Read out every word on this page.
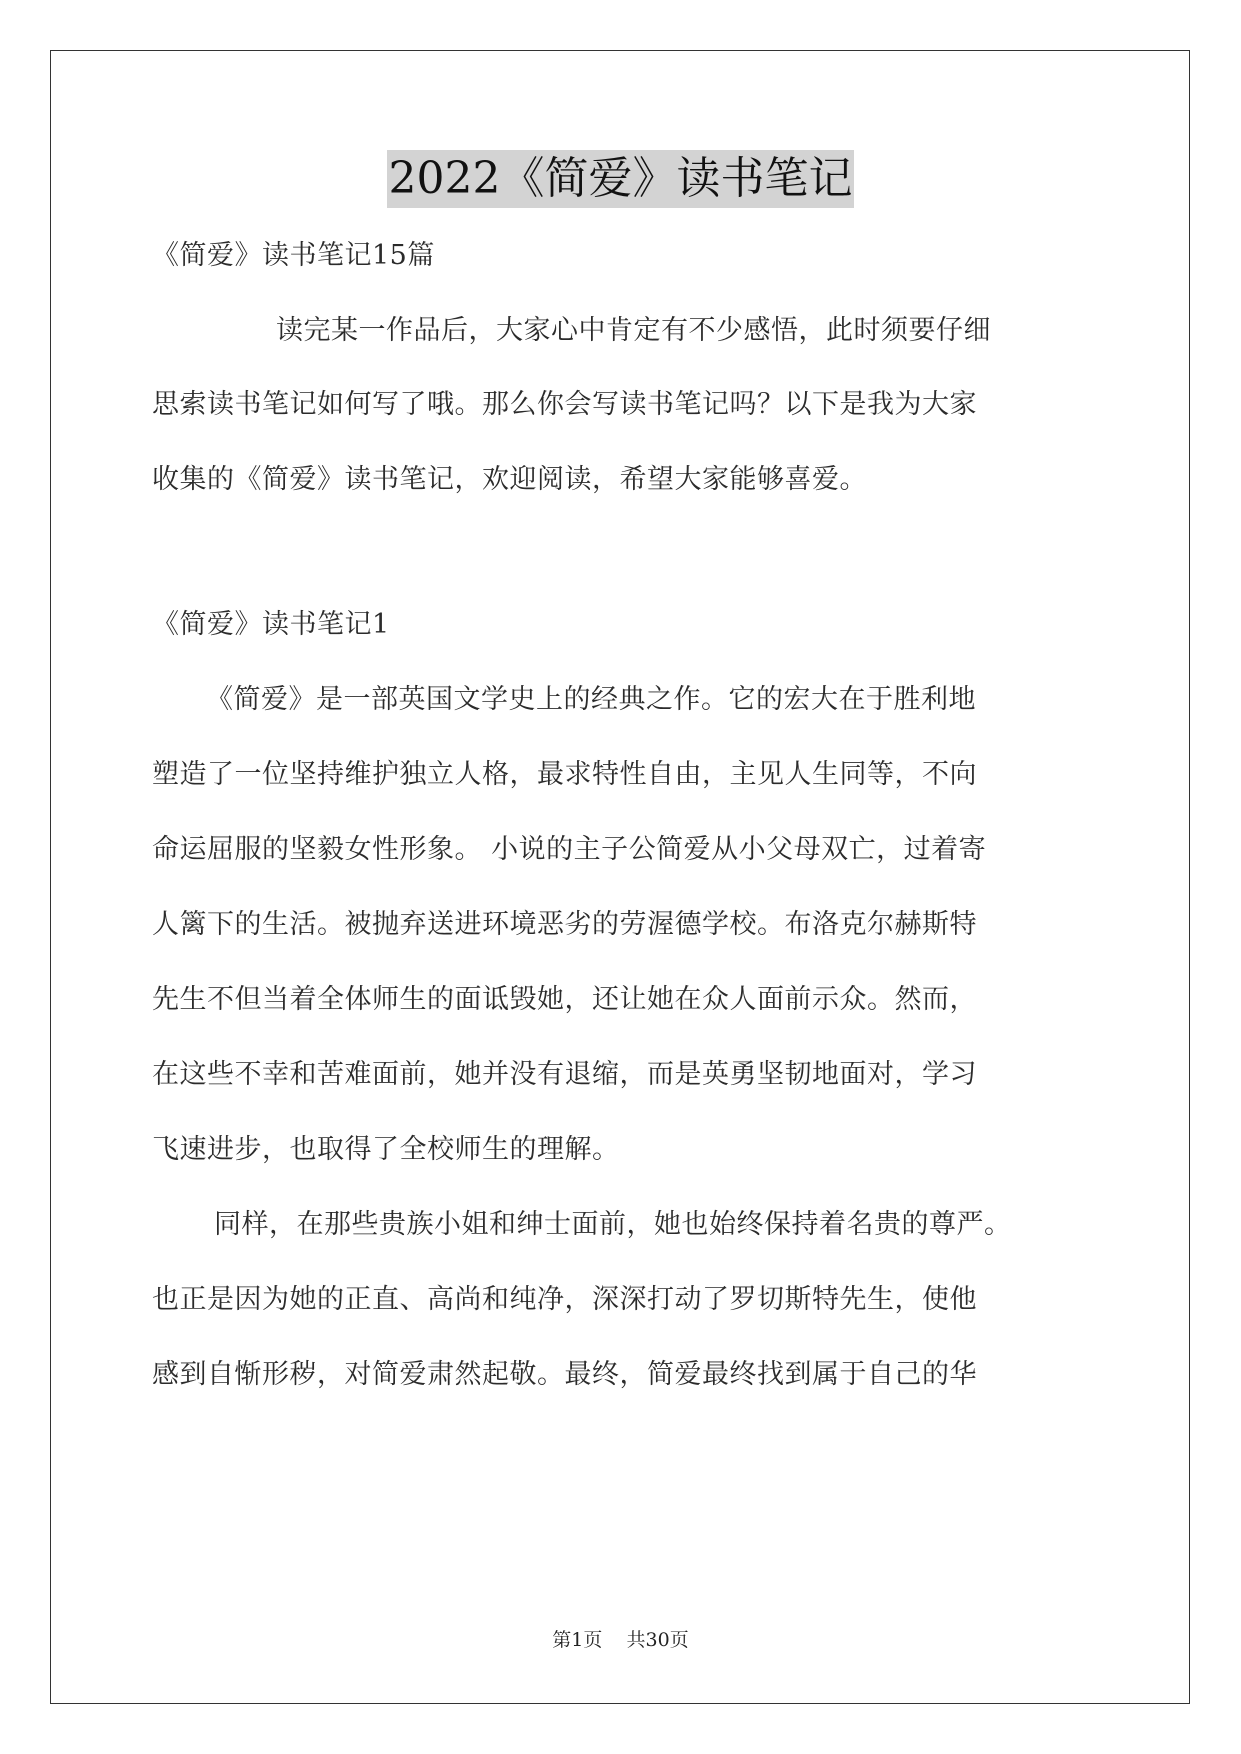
2022《简爱》读书笔记
《简爱》读书笔记15篇
读完某一作品后，大家心中肯定有不少感悟，此时须要仔细
思索读书笔记如何写了哦。那么你会写读书笔记吗？以下是我为大家
收集的《简爱》读书笔记，欢迎阅读，希望大家能够喜爱。
《简爱》读书笔记1
《简爱》是一部英国文学史上的经典之作。它的宏大在于胜利地
塑造了一位坚持维护独立人格，最求特性自由，主见人生同等，不向
命运屈服的坚毅女性形象。 小说的主子公简爱从小父母双亡，过着寄
人篱下的生活。被抛弃送进环境恶劣的劳渥德学校。布洛克尔赫斯特
先生不但当着全体师生的面诋毁她，还让她在众人面前示众。然而，
在这些不幸和苦难面前，她并没有退缩，而是英勇坚韧地面对，学习
飞速进步，也取得了全校师生的理解。
同样，在那些贵族小姐和绅士面前，她也始终保持着名贵的尊严。
也正是因为她的正直、高尚和纯净，深深打动了罗切斯特先生，使他
感到自惭形秽，对简爱肃然起敬。最终，简爱最终找到属于自己的华
第1页 共30页
